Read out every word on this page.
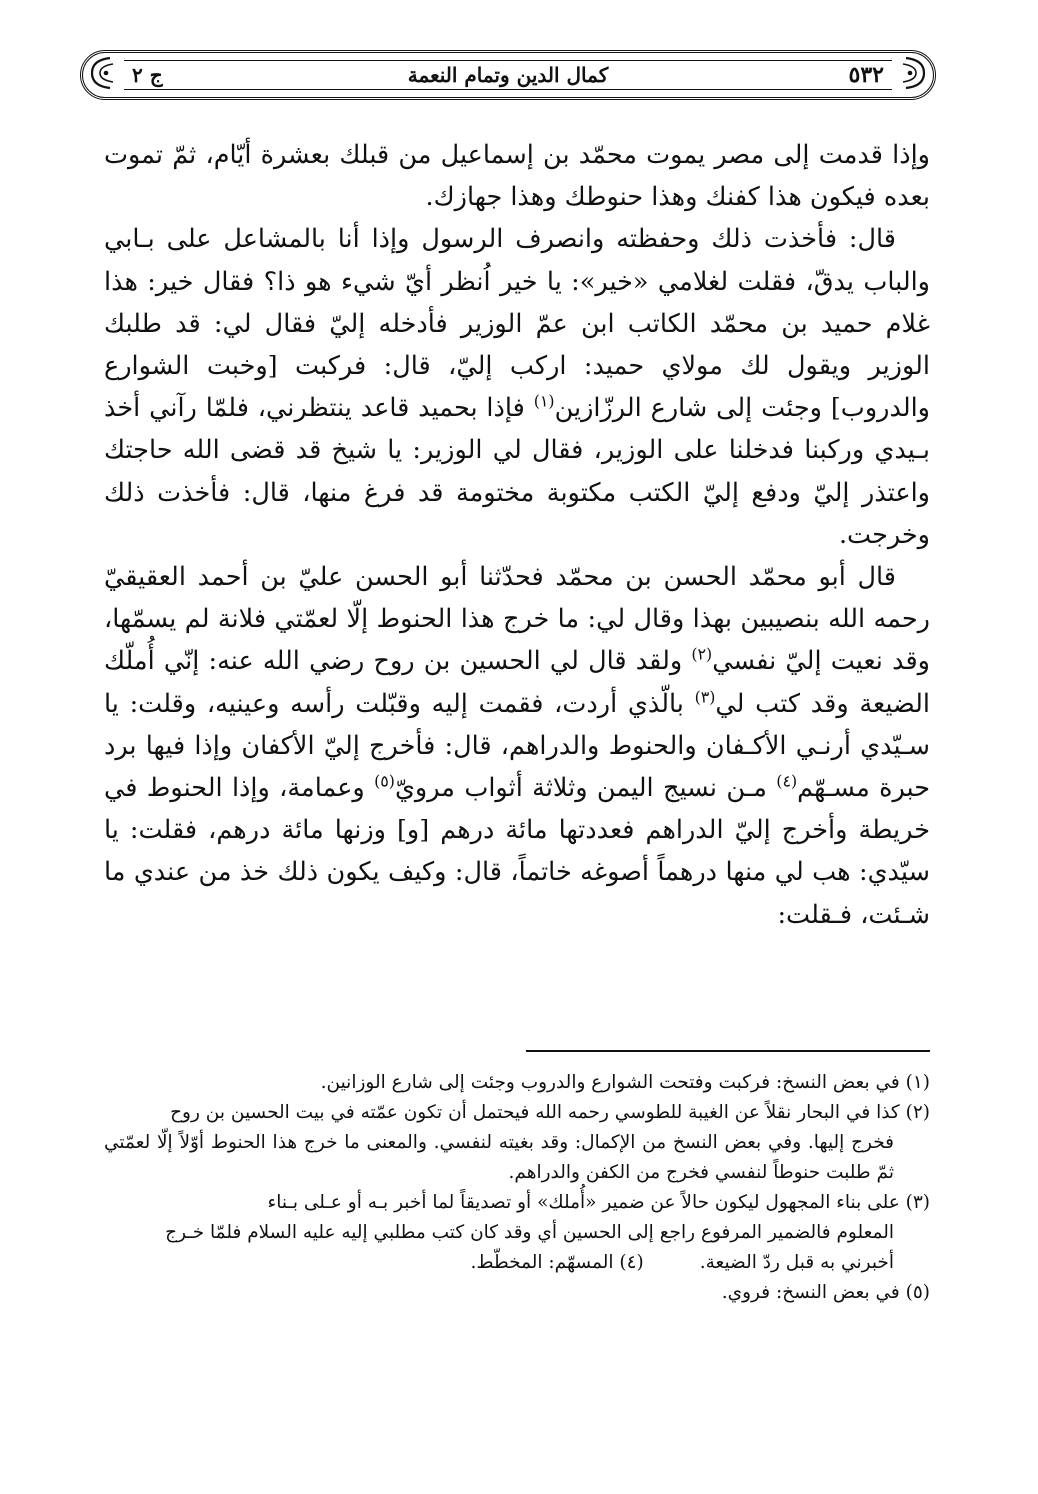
٥٣٢
كمال الدين وتمام النعمة
ج ٢

وإذا قدمت إلى مصر يموت محمّد بن إسماعيل من قبلك بعشرة أيّام، ثمّ تموت بعده فيكون هذا كفنك وهذا حنوطك وهذا جهازك.

قال: فأخذت ذلك وحفظته وانصرف الرسول وإذا أنا بالمشاعل على بـابي والباب يدقّ، فقلت لغلامي «خير»: يا خير اُنظر أيّ شيء هو ذا؟ فقال خير: هذا غلام حميد بن محمّد الكاتب ابن عمّ الوزير فأدخله إليّ فقال لي: قد طلبك الوزير ويقول لك مولاي حميد: اركب إليّ، قال: فركبت [وخبت الشوارع والدروب] وجئت إلى شارع الرزّازين$^{(١)}$ فإذا بحميد قاعد ينتظرني، فلمّا رآني أخذ بـيدي وركبنا فدخلنا على الوزير، فقال لي الوزير: يا شيخ قد قضى الله حاجتك واعتذر إليّ ودفع إليّ الكتب مكتوبة مختومة قد فرغ منها، قال: فأخذت ذلك وخرجت.

قال أبو محمّد الحسن بن محمّد فحدّثنا أبو الحسن عليّ بن أحمد العقيقيّ رحمه الله بنصيبين بهذا وقال لي: ما خرج هذا الحنوط إلّا لعمّتي فلانة لم يسمّها، وقد نعيت إليّ نفسي$^{(٢)}$ ولقد قال لي الحسين بن روح رضي الله عنه: إنّي أُملّك الضيعة وقد كتب لي$^{(٣)}$ بالّذي أردت، فقمت إليه وقبّلت رأسه وعينيه، وقلت: يا سـيّدي أرنـي الأكـفان والحنوط والدراهم، قال: فأخرج إليّ الأكفان وإذا فيها برد حبرة مسـهّم$^{(٤)}$ مـن نسيج اليمن وثلاثة أثواب مرويّ$^{(٥)}$ وعمامة، وإذا الحنوط في خريطة وأخرج إليّ الدراهم فعددتها مائة درهم [و] وزنها مائة درهم، فقلت: يا سيّدي: هب لي منها درهماً أصوغه خاتماً، قال: وكيف يكون ذلك خذ من عندي ما شـئت، فـقلت:

(١) في بعض النسخ: فركبت وفتحت الشوارع والدروب وجئت إلى شارع الوزانين.

(٢) كذا في البحار نقلاً عن الغيبة للطوسي رحمه الله فيحتمل أن تكون عمّته في بيت الحسين بن روح
فخرج إليها. وفي بعض النسخ من الإكمال: وقد بغيته لنفسي. والمعنى ما خرج هذا الحنوط أوّلاً إلّا لعمّتي ثمّ طلبت حنوطاً لنفسي فخرج من الكفن والدراهم.

(٣) على بناء المجهول ليكون حالاً عن ضمير «أُملك» أو تصديقاً لما أخبر بـه أو عـلى بـناء
المعلوم فالضمير المرفوع راجع إلى الحسين أي وقد كان كتب مطلبي إليه عليه السلام فلمّا خـرج

أخبرني به قبل ردّ الضيعة.
(٤) المسهّم: المخطّط.

(٥) في بعض النسخ: فروي.
